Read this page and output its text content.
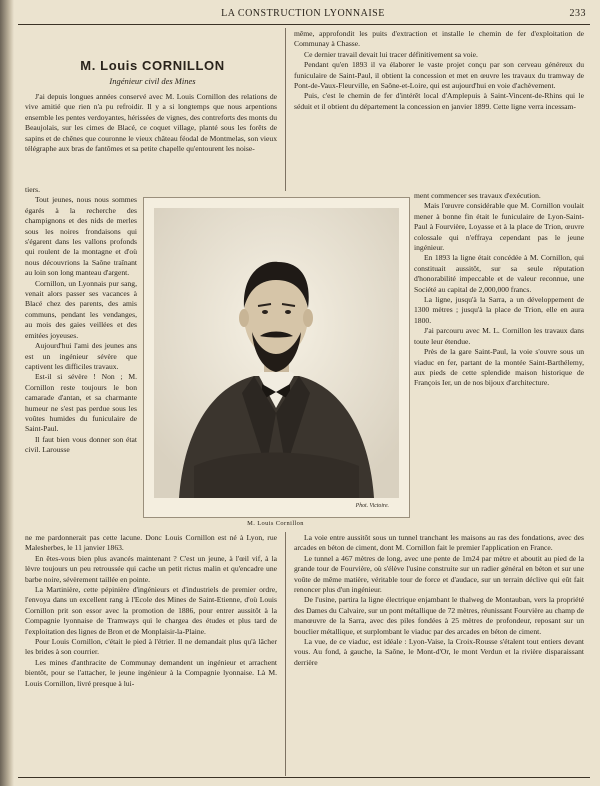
LA CONSTRUCTION LYONNAISE	233
M. Louis CORNILLON
Ingénieur civil des Mines

J'ai depuis longues années conservé avec M. Louis Cornillon des relations de vive amitié que rien n'a pu refroidir. Il y a si longtemps que nous arpentions ensemble les pentes verdoyantes, hérissées de vignes, des contreforts des monts du Beaujolais, sur les cimes de Blacé, ce coquet village, planté sous les forêts de sapins et de chênes que couronne le vieux château féodal de Montmelas, son vieux télégraphe aux bras de fantômes et sa petite chapelle qu'entourent les noise-

tiers.

Tout jeunes, nous nous sommes égarés à la recherche des champignons et des nids de merles sous les noires frondaisons qui s'égarent dans les vallons profonds qui roulent de la montagne et d'où nous découvrions la Saône traînant au loin son long manteau d'argent.

Cornillon, un Lyonnais pur sang, venait alors passer ses vacances à Blacé chez des parents, des amis communs, pendant les vendanges, au mois des gaies veillées et des emitées joyeuses.

Aujourd'hui l'ami des jeunes ans est un ingénieur sévère que captivent les difficiles travaux.

Est-il si sévère ! Non ; M. Cornillon reste toujours le bon camarade d'antan, et sa charmante humeur ne s'est pas perdue sous les voûtes humides du funiculaire de Saint-Paul.

Il faut bien vous donner son état civil. Larousse

ne me pardonnerait pas cette lacune. Donc Louis Cornillon est né à Lyon, rue Malesherbes, le 11 janvier 1863.

En êtes-vous bien plus avancés maintenant ? C'est un jeune, à l'œil vif, à la lèvre toujours un peu retroussée qui cache un petit rictus malin et qu'encadre une barbe noire, sévèrement taillée en pointe.

La Martinière, cette pépinière d'ingénieurs et d'industriels de premier ordre, l'envoya dans un excellent rang à l'Ecole des Mines de Saint-Etienne, d'où Louis Cornillon prit son essor avec la promotion de 1886, pour entrer aussitôt à la Compagnie lyonnaise de Tramways qui le chargea des études et plus tard de l'exploitation des lignes de Bron et de Monplaisir-la-Plaine.

Pour Louis Cornillon, c'était le pied à l'étrier. Il ne demandait plus qu'à lâcher les brides à son courrier.

Les mines d'anthracite de Communay demandent un ingénieur et arrachent bientôt, pour se l'attacher, le jeune ingénieur à la Compagnie lyonnaise. Là M. Louis Cornillon, livré presque à lui-

même, approfondit les puits d'extraction et installe le chemin de fer d'exploitation de Communay à Chasse.

Ce dernier travail devait lui tracer définitivement sa voie.

Pendant qu'en 1893 il va élaborer le vaste projet conçu par son cerveau généreux du funiculaire de Saint-Paul, il obtient la concession et met en œuvre les travaux du tramway de Pont-de-Vaux-Fleurville, en Saône-et-Loire, qui est aujourd'hui en voie d'achèvement.

Puis, c'est le chemin de fer d'intérêt local d'Amplepuis à Saint-Vincent-de-Rhins qui le séduit et il obtient du département la concession en janvier 1899. Cette ligne verra incessam-

ment commencer ses travaux d'exécution.

Mais l'œuvre considérable que M. Cornillon voulait mener à bonne fin était le funiculaire de Lyon-Saint-Paul à Fourvière, Loyasse et à la place de Trion, œuvre colossale qui n'effraya cependant pas le jeune ingénieur.

En 1893 la ligne était concédée à M. Cornillon, qui constituait aussitôt, sur sa seule réputation d'honorabilité impeccable et de valeur reconnue, une Société au capital de 2,000,000 francs.

La ligne, jusqu'à la Sarra, a un développement de 1300 mètres ; jusqu'à la place de Trion, elle en aura 1800.

J'ai parcouru avec M. L. Cornillon les travaux dans toute leur étendue.

Près de la gare Saint-Paul, la voie s'ouvre sous un viaduc en fer, partant de la montée Saint-Barthélemy, aux pieds de cette splendide maison historique de François Ier, un de nos bijoux d'architecture.

La voie entre aussitôt sous un tunnel tranchant les maisons au ras des fondations, avec des arcades en béton de ciment, dont M. Cornillon fait le premier l'application en France.

Le tunnel a 467 mètres de long, avec une pente de 1m24 par mètre et aboutit au pied de la grande tour de Fourvière, où s'élève l'usine construite sur un radier général en béton et sur une voûte de même matière, véritable tour de force et d'audace, sur un terrain déclive qui eût fait renoncer plus d'un ingénieur.

De l'usine, partira la ligne électrique enjambant le thalweg de Montauban, vers la propriété des Dames du Calvaire, sur un pont métallique de 72 mètres, réunissant Fourvière au champ de manœuvre de la Sarra, avec des piles fondées à 25 mètres de profondeur, reposant sur un bouclier métallique, et surplombant le viaduc par des arcades en béton de ciment.

La vue, de ce viaduc, est idéale : Lyon-Vaise, la Croix-Rousse s'étalent tout entiers devant vous. Au fond, à gauche, la Saône, le Mont-d'Or, le mont Verdun et la rivière disparaissant derrière

Phot. Victoire.
M. Louis Cornillon
